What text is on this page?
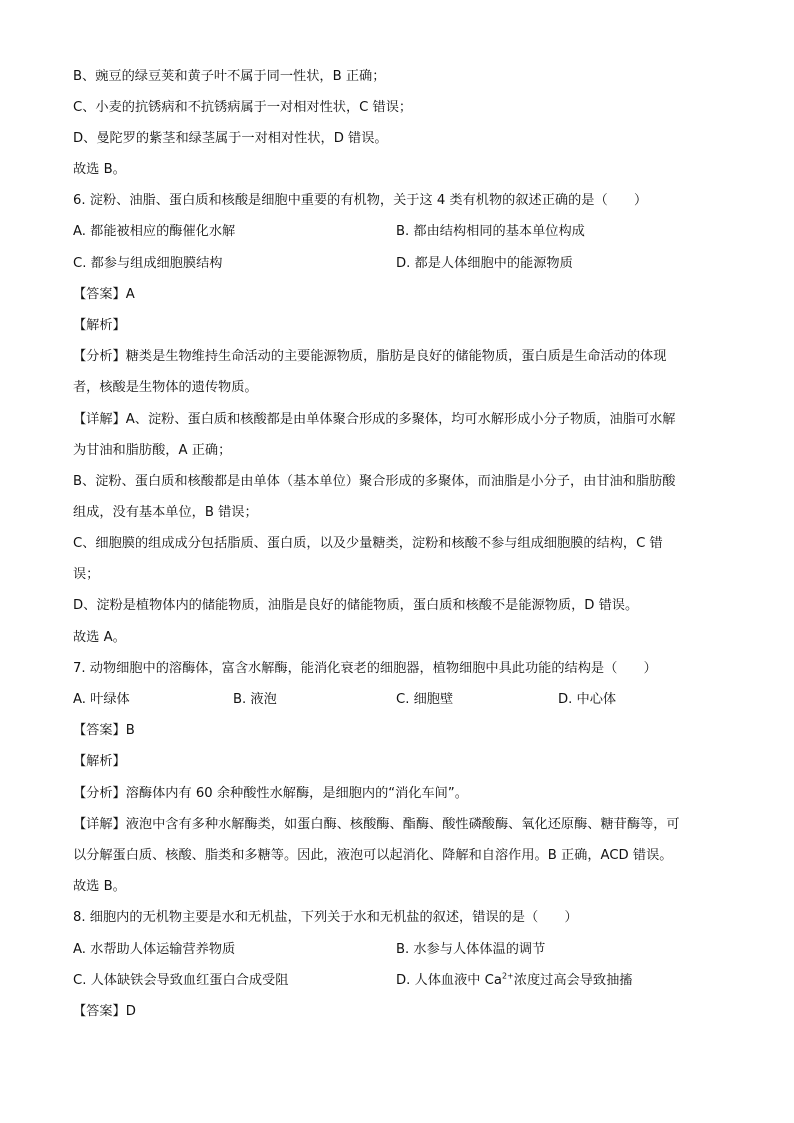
B、豌豆的绿豆荚和黄子叶不属于同一性状，B 正确；
C、小麦的抗锈病和不抗锈病属于一对相对性状，C 错误；
D、曼陀罗的紫茎和绿茎属于一对相对性状，D 错误。
故选 B。
6. 淀粉、油脂、蛋白质和核酸是细胞中重要的有机物，关于这 4 类有机物的叙述正确的是（　　）
A. 都能被相应的酶催化水解	B. 都由结构相同的基本单位构成
C. 都参与组成细胞膜结构	D. 都是人体细胞中的能源物质
【答案】A
【解析】
【分析】糖类是生物维持生命活动的主要能源物质，脂肪是良好的储能物质，蛋白质是生命活动的体现
者，核酸是生物体的遗传物质。
【详解】A、淀粉、蛋白质和核酸都是由单体聚合形成的多聚体，均可水解形成小分子物质，油脂可水解
为甘油和脂肪酸，A 正确；
B、淀粉、蛋白质和核酸都是由单体（基本单位）聚合形成的多聚体，而油脂是小分子，由甘油和脂肪酸
组成，没有基本单位，B 错误；
C、细胞膜的组成成分包括脂质、蛋白质，以及少量糖类，淀粉和核酸不参与组成细胞膜的结构，C 错
误；
D、淀粉是植物体内的储能物质，油脂是良好的储能物质，蛋白质和核酸不是能源物质，D 错误。
故选 A。
7. 动物细胞中的溶酶体，富含水解酶，能消化衰老的细胞器，植物细胞中具此功能的结构是（　　）
A. 叶绿体	B. 液泡	C. 细胞壁	D. 中心体
【答案】B
【解析】
【分析】溶酶体内有 60 余种酸性水解酶，是细胞内的“消化车间”。
【详解】液泡中含有多种水解酶类，如蛋白酶、核酸酶、酯酶、酸性磷酸酶、氧化还原酶、糖苷酶等，可
以分解蛋白质、核酸、脂类和多糖等。因此，液泡可以起消化、降解和自溶作用。B 正确，ACD 错误。
故选 B。
8. 细胞内的无机物主要是水和无机盐，下列关于水和无机盐的叙述，错误的是（　　）
A. 水帮助人体运输营养物质	B. 水参与人体体温的调节
C. 人体缺铁会导致血红蛋白合成受阻	D. 人体血液中 $Ca^{2+}$浓度过高会导致抽搐
【答案】D
